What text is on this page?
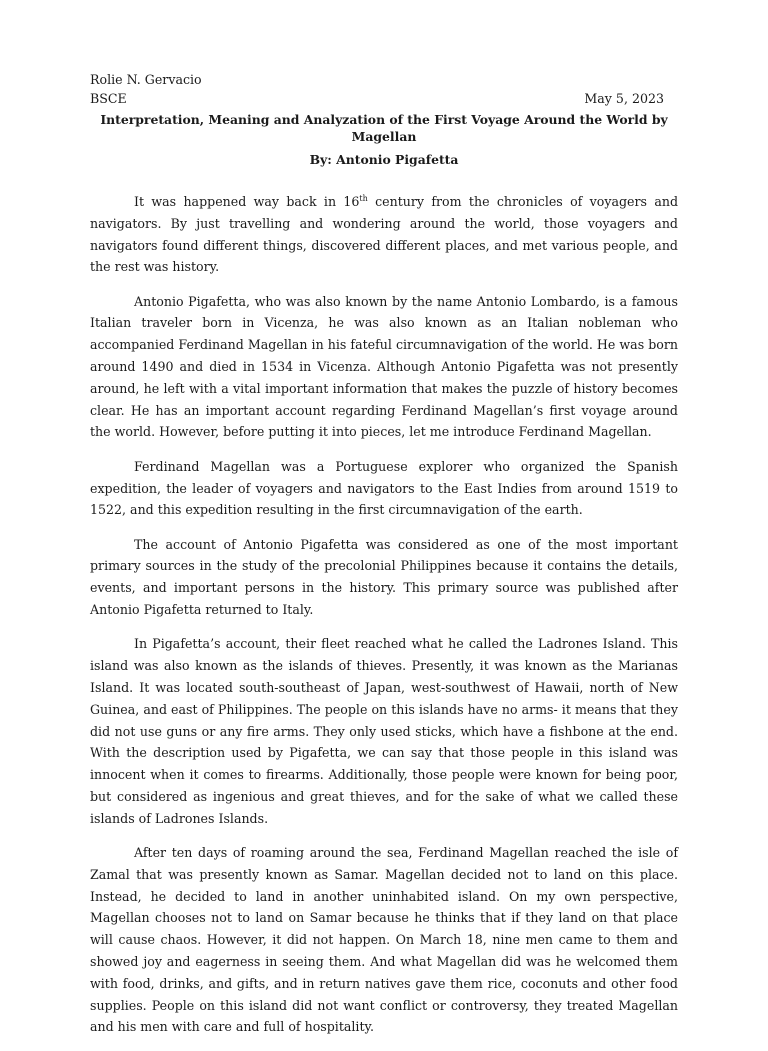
Rolie N. Gervacio
BSCE	May 5, 2023
Interpretation, Meaning and Analyzation of the First Voyage Around the World by Magellan
By: Antonio Pigafetta

It was happened way back in 16th century from the chronicles of voyagers and navigators. By just travelling and wondering around the world, those voyagers and navigators found different things, discovered different places, and met various people, and the rest was history.

Antonio Pigafetta, who was also known by the name Antonio Lombardo, is a famous Italian traveler born in Vicenza, he was also known as an Italian nobleman who accompanied Ferdinand Magellan in his fateful circumnavigation of the world. He was born around 1490 and died in 1534 in Vicenza. Although Antonio Pigafetta was not presently around, he left with a vital important information that makes the puzzle of history becomes clear. He has an important account regarding Ferdinand Magellan’s first voyage around the world. However, before putting it into pieces, let me introduce Ferdinand Magellan.

Ferdinand Magellan was a Portuguese explorer who organized the Spanish expedition, the leader of voyagers and navigators to the East Indies from around 1519 to 1522, and this expedition resulting in the first circumnavigation of the earth.

The account of Antonio Pigafetta was considered as one of the most important primary sources in the study of the precolonial Philippines because it contains the details, events, and important persons in the history. This primary source was published after Antonio Pigafetta returned to Italy.

In Pigafetta’s account, their fleet reached what he called the Ladrones Island. This island was also known as the islands of thieves. Presently, it was known as the Marianas Island. It was located south-southeast of Japan, west-southwest of Hawaii, north of New Guinea, and east of Philippines. The people on this islands have no arms- it means that they did not use guns or any fire arms. They only used sticks, which have a fishbone at the end. With the description used by Pigafetta, we can say that those people in this island was innocent when it comes to firearms. Additionally, those people were known for being poor, but considered as ingenious and great thieves, and for the sake of what we called these islands of Ladrones Islands.

After ten days of roaming around the sea, Ferdinand Magellan reached the isle of Zamal that was presently known as Samar. Magellan decided not to land on this place. Instead, he decided to land in another uninhabited island. On my own perspective, Magellan chooses not to land on Samar because he thinks that if they land on that place will cause chaos. However, it did not happen. On March 18, nine men came to them and showed joy and eagerness in seeing them. And what Magellan did was he welcomed them with food, drinks, and gifts, and in return natives gave them rice, coconuts and other food supplies. People on this island did not want conflict or controversy, they treated Magellan and his men with care and full of hospitality.
